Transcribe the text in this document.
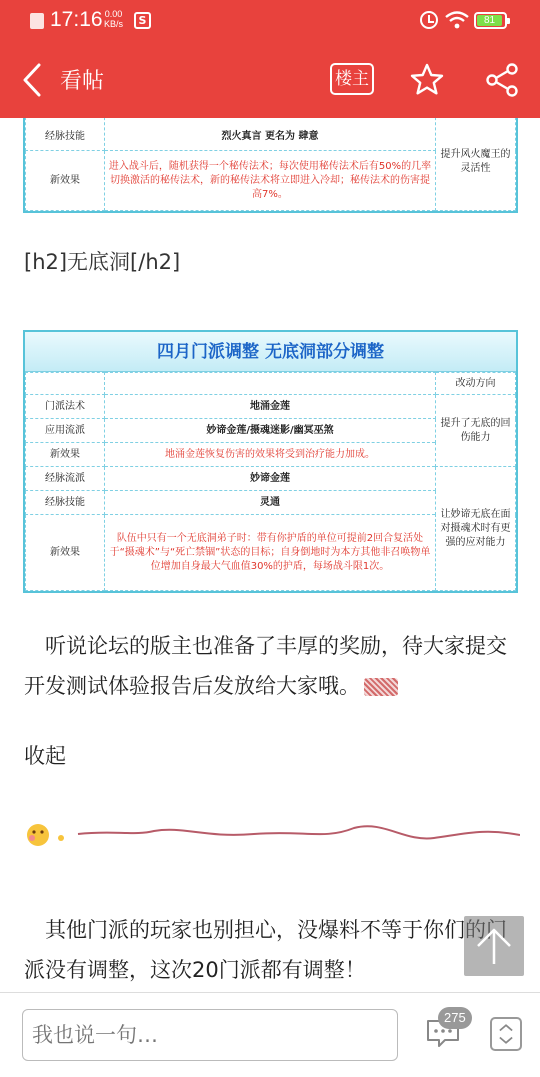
17:16 0.00
KB/s	S	81
看帖	楼主
经脉技能	烈火真言 更名为 肆意	提升风火魔王的灵活性
新效果	进入战斗后，随机获得一个秘传法术；每次使用秘传法术后有50%的几率切换激活的秘传法术，新的秘传法术将立即进入冷却；秘传法术的伤害提高7%。	
[h2]无底洞[/h2]
四月门派调整 无底洞部分调整
		改动方向
门派法术	地涌金莲	提升了无底的回伤能力
应用流派	妙谛金莲/摄魂迷影/幽冥巫煞	
新效果	地涌金莲恢复伤害的效果将受到治疗能力加成。	
经脉流派	妙谛金莲	让妙谛无底在面对摄魂术时有更强的应对能力
经脉技能	灵通	
新效果	队伍中只有一个无底洞弟子时：带有你护盾的单位可提前2回合复活处于“摄魂术”与“死亡禁锢”状态的目标；自身倒地时为本方其他非召唤物单位增加自身最大气血值30%的护盾，每场战斗限1次。	
　听说论坛的版主也准备了丰厚的奖励，待大家提交开发测试体验报告后发放给大家哦。
收起
　其他门派的玩家也别担心，没爆料不等于你们的门派没有调整，这次20门派都有调整！
我也说一句…
275
